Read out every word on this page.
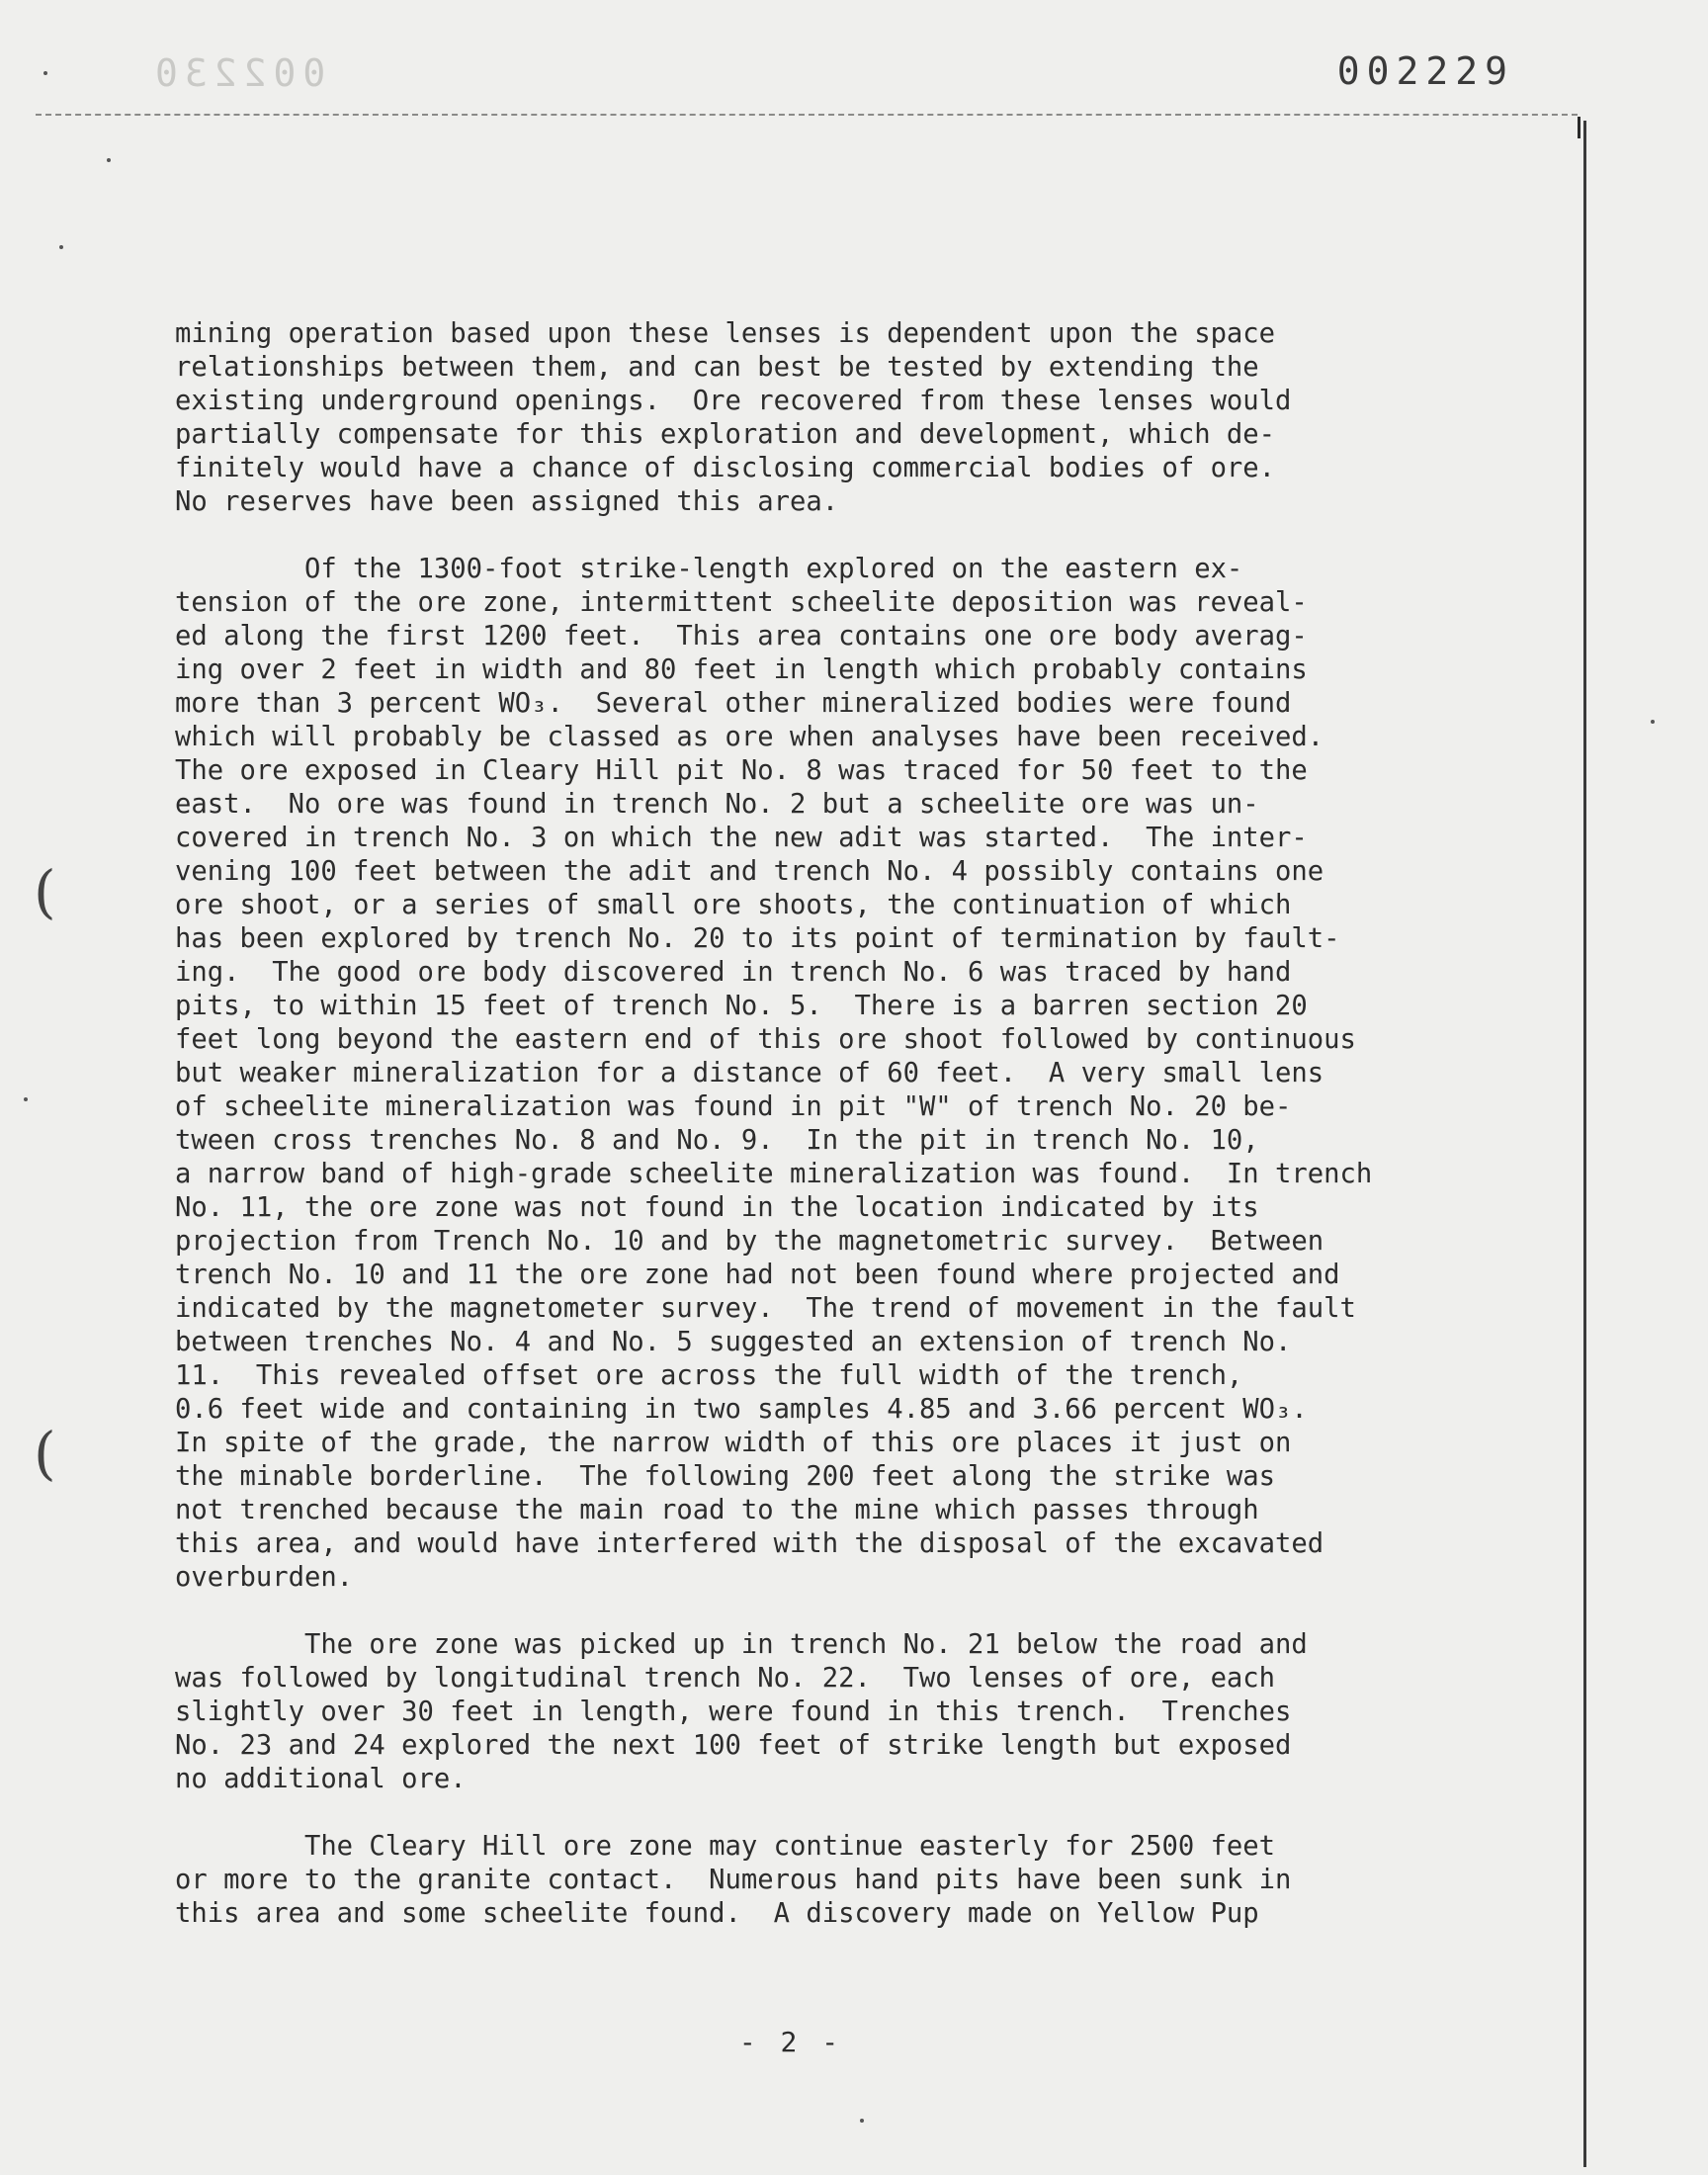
002230	002229
(
(
mining operation based upon these lenses is dependent upon the space
relationships between them, and can best be tested by extending the
existing underground openings.  Ore recovered from these lenses would
partially compensate for this exploration and development, which de-
finitely would have a chance of disclosing commercial bodies of ore.
No reserves have been assigned this area.
Of the 1300-foot strike-length explored on the eastern ex-
tension of the ore zone, intermittent scheelite deposition was reveal-
ed along the first 1200 feet.  This area contains one ore body averag-
ing over 2 feet in width and 80 feet in length which probably contains
more than 3 percent WO₃.  Several other mineralized bodies were found
which will probably be classed as ore when analyses have been received.
The ore exposed in Cleary Hill pit No. 8 was traced for 50 feet to the
east.  No ore was found in trench No. 2 but a scheelite ore was un-
covered in trench No. 3 on which the new adit was started.  The inter-
vening 100 feet between the adit and trench No. 4 possibly contains one
ore shoot, or a series of small ore shoots, the continuation of which
has been explored by trench No. 20 to its point of termination by fault-
ing.  The good ore body discovered in trench No. 6 was traced by hand
pits, to within 15 feet of trench No. 5.  There is a barren section 20
feet long beyond the eastern end of this ore shoot followed by continuous
but weaker mineralization for a distance of 60 feet.  A very small lens
of scheelite mineralization was found in pit "W" of trench No. 20 be-
tween cross trenches No. 8 and No. 9.  In the pit in trench No. 10,
a narrow band of high-grade scheelite mineralization was found.  In trench
No. 11, the ore zone was not found in the location indicated by its
projection from Trench No. 10 and by the magnetometric survey.  Between
trench No. 10 and 11 the ore zone had not been found where projected and
indicated by the magnetometer survey.  The trend of movement in the fault
between trenches No. 4 and No. 5 suggested an extension of trench No.
11.  This revealed offset ore across the full width of the trench,
0.6 feet wide and containing in two samples 4.85 and 3.66 percent WO₃.
In spite of the grade, the narrow width of this ore places it just on
the minable borderline.  The following 200 feet along the strike was
not trenched because the main road to the mine which passes through
this area, and would have interfered with the disposal of the excavated
overburden.
The ore zone was picked up in trench No. 21 below the road and
was followed by longitudinal trench No. 22.  Two lenses of ore, each
slightly over 30 feet in length, were found in this trench.  Trenches
No. 23 and 24 explored the next 100 feet of strike length but exposed
no additional ore.
The Cleary Hill ore zone may continue easterly for 2500 feet
or more to the granite contact.  Numerous hand pits have been sunk in
this area and some scheelite found.  A discovery made on Yellow Pup
- 2 -
